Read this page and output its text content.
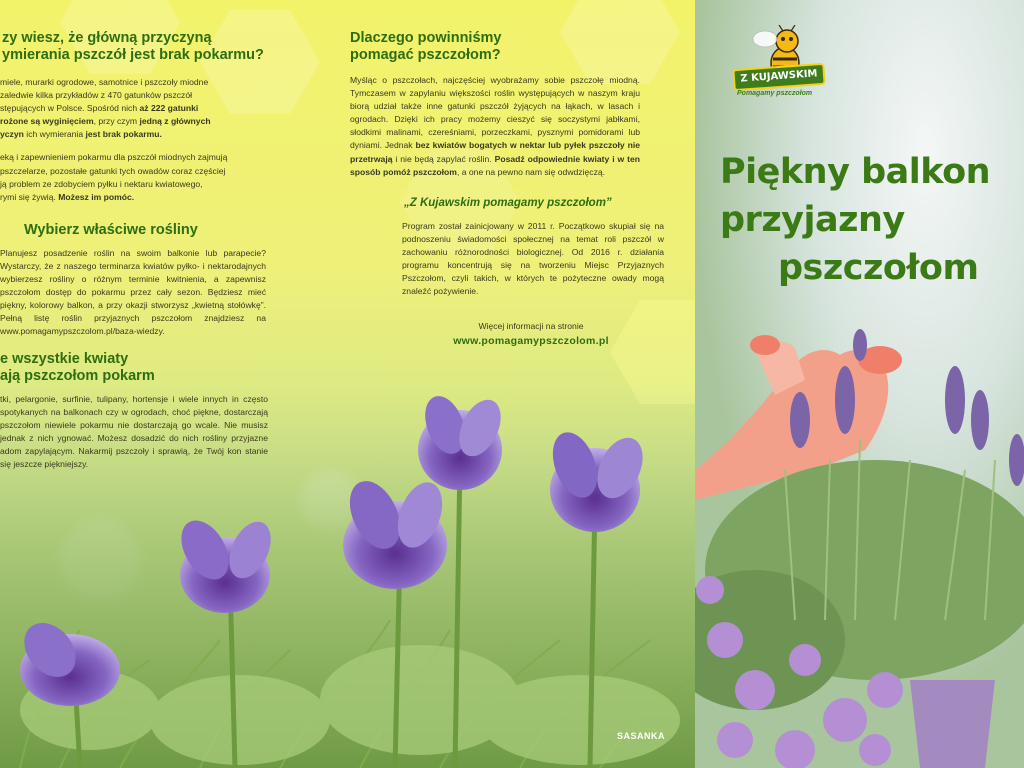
SASANKA
zy wiesz, że główną przyczyną
ymierania pszczół jest brak pokarmu?
miele, murarki ogrodowe, samotnice i pszczoły miodne
zaledwie kilka przykładów z 470 gatunków pszczół
stępujących w Polsce. Spośród nich aż 222 gatunki
rożone są wyginięciem, przy czym jedną z głównych
yczyn ich wymierania jest brak pokarmu.
eką i zapewnieniem pokarmu dla pszczół miodnych zajmują
pszczelarze, pozostałe gatunki tych owadów coraz częściej
ją problem ze zdobyciem pyłku i nektaru kwiatowego,
rymi się żywią. Możesz im pomóc.
Wybierz właściwe rośliny
Planujesz posadzenie roślin na swoim balkonie lub parapecie? Wystarczy, że z naszego terminarza kwiatów pyłko- i nektarodajnych wybierzesz rośliny o różnym terminie kwitnienia, a zapewnisz pszczołom dostęp do pokarmu przez cały sezon. Będziesz mieć piękny, kolorowy balkon, a przy okazji stworzysz „kwietną stołówkę”. Pełną listę roślin przyjaznych pszczołom znajdziesz na www.pomagamypszczolom.pl/baza-wiedzy.
e wszystkie kwiaty
ają pszczołom pokarm
tki, pelargonie, surfinie, tulipany, hortensje i wiele innych in często spotykanych na balkonach czy w ogrodach, choć piękne, dostarczają pszczołom niewiele pokarmu nie dostarczają go wcale. Nie musisz jednak z nich ygnować. Możesz dosadzić do nich rośliny przyjazne adom zapylającym. Nakarmij pszczoły i sprawią, że Twój kon stanie się jeszcze piękniejszy.
Dlaczego powinniśmy
pomagać pszczołom?
Myśląc o pszczołach, najczęściej wyobrażamy sobie pszczołę miodną. Tymczasem w zapylaniu większości roślin występujących w naszym kraju biorą udział także inne gatunki pszczół żyjących na łąkach, w lasach i ogrodach. Dzięki ich pracy możemy cieszyć się soczystymi jabłkami, słodkimi malinami, czereśniami, porzeczkami, pysznymi pomidorami lub dyniami. Jednak bez kwiatów bogatych w nektar lub pyłek pszczoły nie przetrwają i nie będą zapylać roślin. Posadź odpowiednie kwiaty i w ten sposób pomóż pszczołom, a one na pewno nam się odwdzięczą.
„Z Kujawskim pomagamy pszczołom”
Program został zainicjowany w 2011 r. Początkowo skupiał się na podnoszeniu świadomości społecznej na temat roli pszczół w zachowaniu różnorodności biologicznej. Od 2016 r. działania programu koncentrują się na tworzeniu Miejsc Przyjaznych Pszczołom, czyli takich, w których te pożyteczne owady mogą znaleźć pożywienie.
Więcej informacji na stronie
www.pomagamypszczolom.pl
Z KUJAWSKIM
Pomagamy pszczołom
Piękny balkon
przyjazny
pszczołom
